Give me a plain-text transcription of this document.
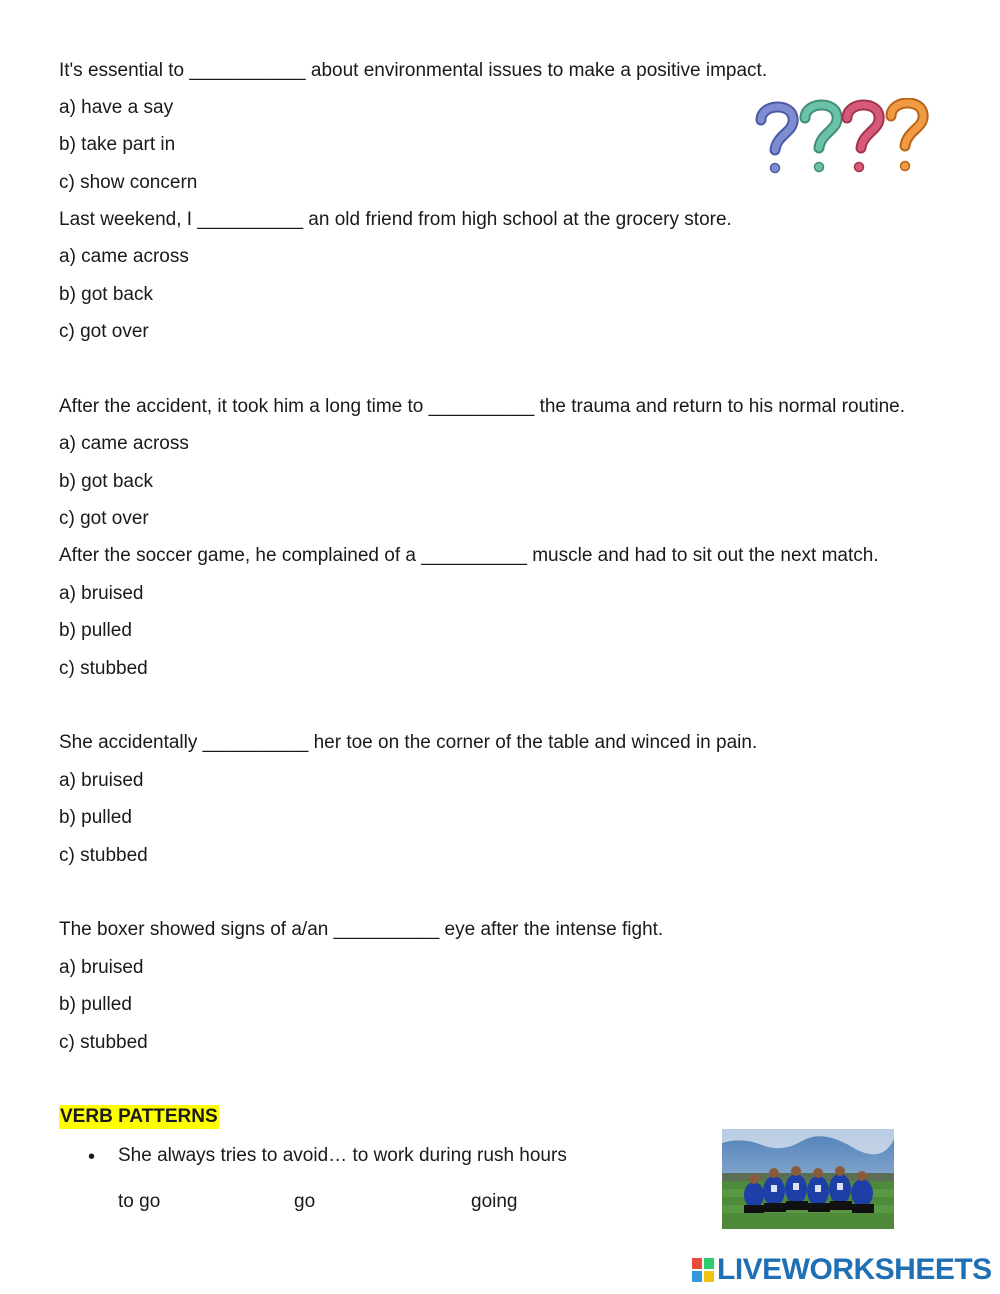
It's essential to ___________ about environmental issues to make a positive impact.
a) have a say
b) take part in
c) show concern
Last weekend, I __________ an old friend from high school at the grocery store.
a) came across
b) got back
c) got over
After the accident, it took him a long time to __________ the trauma and return to his normal routine.
a) came across
b) got back
c) got over
After the soccer game, he complained of a __________ muscle and had to sit out the next match.
a) bruised
b) pulled
c) stubbed
She accidentally __________ her toe on the corner of the table and winced in pain.
a) bruised
b) pulled
c) stubbed
The boxer showed signs of a/an __________ eye after the intense fight.
a) bruised
b) pulled
c) stubbed
VERB PATTERNS
• She always tries to avoid… to work during rush hours
to go	go	going
LIVEWORKSHEETS
